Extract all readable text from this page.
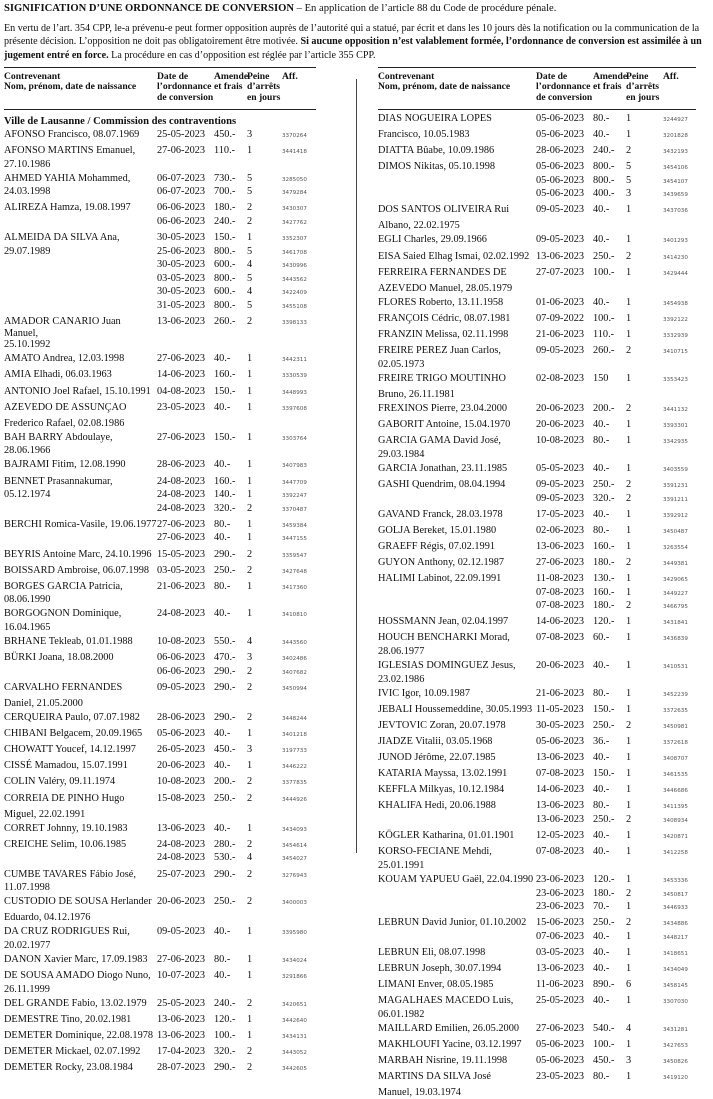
SIGNIFICATION D’UNE ORDONNANCE DE CONVERSION – En application de l’article 88 du Code de procédure pénale.
En vertu de l’art. 354 CPP, le-a prévenu-e peut former opposition auprès de l’autorité qui a statué, par écrit et dans les 10 jours dès la notification ou la communication de la présente décision. L’opposition ne doit pas obligatoirement être motivée. Si aucune opposition n’est valablement formée, l’ordonnance de conversion est assimilée à un jugement entré en force. La procédure en cas d’opposition est réglée par l’article 355 CPP.
Contrevenant
Nom, prénom, date de naissance	Date de
l’ordonnance
de conversion	Amende
et frais	Peine
d’arrêts
en jours	Aff.
Ville de Lausanne / Commission des contraventions				
AFONSO Francisco, 08.07.1969	25-05-2023	450.-	3	3370264
AFONSO MARTINS Emanuel,	27-06-2023	110.-	1	3441418
27.10.1986				
AHMED YAHIA Mohammed,	06-07-2023	730.-	5	3285050
24.03.1998	06-07-2023	700.-	5	3479284
ALIREZA Hamza, 19.08.1997	06-06-2023	180.-	2	3430307
	06-06-2023	240.-	2	3427762
ALMEIDA DA SILVA Ana,	30-05-2023	150.-	1	3352307
29.07.1989	25-06-2023	800.-	5	3461708
	30-05-2023	600.-	4	3430996
	03-05-2023	800.-	5	3443562
	30-05-2023	600.-	4	3422409
	31-05-2023	800.-	5	3455108
AMADOR CANARIO Juan Manuel,	13-06-2023	260.-	2	3398133
25.10.1992				
AMATO Andrea, 12.03.1998	27-06-2023	40.-	1	3442311
AMIA Elhadi, 06.03.1963	14-06-2023	160.-	1	3330539
ANTONIO Joel Rafael, 15.10.1991	04-08-2023	150.-	1	3448993
AZEVEDO DE ASSUNÇAO	23-05-2023	40.-	1	3397608
Frederico Rafael, 02.08.1986				
BAH BARRY Abdoulaye,	27-06-2023	150.-	1	3303764
28.06.1966				
BAJRAMI Fitim, 12.08.1990	28-06-2023	40.-	1	3407983
BENNET Prasannakumar,	24-08-2023	160.-	1	3447709
05.12.1974	24-08-2023	140.-	1	3392247
	24-08-2023	320.-	2	3370487
BERCHI Romica-Vasile, 19.06.1977	27-06-2023	80.-	1	3459384
	27-06-2023	40.-	1	3447155
BEYRIS Antoine Marc, 24.10.1996	15-05-2023	290.-	2	3359547
BOISSARD Ambroise, 06.07.1998	03-05-2023	250.-	2	3427648
BORGES GARCIA Patricia,	21-06-2023	80.-	1	3417360
08.06.1990				
BORGOGNON Dominique,	24-08-2023	40.-	1	3410810
16.04.1965				
BRHANE Tekleab, 01.01.1988	10-08-2023	550.-	4	3443560
BÜRKI Joana, 18.08.2000	06-06-2023	470.-	3	3402486
	06-06-2023	290.-	2	3407682
CARVALHO FERNANDES	09-05-2023	290.-	2	3450994
Daniel, 21.05.2000				
CERQUEIRA Paulo, 07.07.1982	28-06-2023	290.-	2	3448244
CHIBANI Belgacem, 20.09.1965	05-06-2023	40.-	1	3401218
CHOWATT Youcef, 14.12.1997	26-05-2023	450.-	3	3197733
CISSÉ Mamadou, 15.07.1991	20-06-2023	40.-	1	3446222
COLIN Valéry, 09.11.1974	10-08-2023	200.-	2	3377835
CORREIA DE PINHO Hugo	15-08-2023	250.-	2	3444926
Miguel, 22.02.1991				
CORRET Johnny, 19.10.1983	13-06-2023	40.-	1	3434093
CREICHE Selim, 10.06.1985	24-08-2023	280.-	2	3454614
	24-08-2023	530.-	4	3454027
CUMBE TAVARES Fábio José,	25-07-2023	290.-	2	3276943
11.07.1998				
CUSTODIO DE SOUSA Herlander	20-06-2023	250.-	2	3400003
Eduardo, 04.12.1976				
DA CRUZ RODRIGUES Rui,	09-05-2023	40.-	1	3395980
20.02.1977				
DANON Xavier Marc, 17.09.1983	27-06-2023	80.-	1	3434024
DE SOUSA AMADO Diogo Nuno,	10-07-2023	40.-	1	3291866
26.11.1999				
DEL GRANDE Fabio, 13.02.1979	25-05-2023	240.-	2	3420651
DEMESTRE Tino, 20.02.1981	13-06-2023	120.-	1	3442640
DEMETER Dominique, 22.08.1978	13-06-2023	100.-	1	3434131
DEMETER Mickael, 02.07.1992	17-04-2023	320.-	2	3443052
DEMETER Rocky, 23.08.1984	28-07-2023	290.-	2	3442605
Contrevenant
Nom, prénom, date de naissance	Date de
l’ordonnance
de conversion	Amende
et frais	Peine
d’arrêts
en jours	Aff.
DIAS NOGUEIRA LOPES	05-06-2023	80.-	1	3244927
Francisco, 10.05.1983	05-06-2023	40.-	1	3201828
DIATTA Bûabe, 10.09.1986	28-06-2023	240.-	2	3432193
DIMOS Nikitas, 05.10.1998	05-06-2023	800.-	5	3454106
	05-06-2023	800.-	5	3454107
	05-06-2023	400.-	3	3439659
DOS SANTOS OLIVEIRA Rui	09-05-2023	40.-	1	3437036
Albano, 22.02.1975				
EGLI Charles, 29.09.1966	09-05-2023	40.-	1	3401293
EISA Saied Elhag Ismai, 02.02.1992	13-06-2023	250.-	2	3414230
FERREIRA FERNANDES DE	27-07-2023	100.-	1	3429444
AZEVEDO Manuel, 28.05.1979				
FLORES Roberto, 13.11.1958	01-06-2023	40.-	1	3454938
FRANÇOIS Cédric, 08.07.1981	07-09-2022	100.-	1	3392122
FRANZIN Melissa, 02.11.1998	21-06-2023	110.-	1	3332939
FREIRE PEREZ Juan Carlos,	09-05-2023	260.-	2	3410715
02.05.1973				
FREIRE TRIGO MOUTINHO	02-08-2023	150	1	3353423
Bruno, 26.11.1981				
FREXINOS Pierre, 23.04.2000	20-06-2023	200.-	2	3441132
GABORIT Antoine, 15.04.1970	20-06-2023	40.-	1	3393301
GARCIA GAMA David José,	10-08-2023	80.-	1	3342935
29.03.1984				
GARCIA Jonathan, 23.11.1985	05-05-2023	40.-	1	3403559
GASHI Quendrim, 08.04.1994	09-05-2023	250.-	2	3391231
	09-05-2023	320.-	2	3391211
GAVAND Franck, 28.03.1978	17-05-2023	40.-	1	3392912
GOLJA Bereket, 15.01.1980	02-06-2023	80.-	1	3450487
GRAEFF Régis, 07.02.1991	13-06-2023	160.-	1	3263554
GUYON Anthony, 02.12.1987	27-06-2023	180.-	2	3449381
HALIMI Labinot, 22.09.1991	11-08-2023	130.-	1	3429065
	07-08-2023	160.-	1	3449227
	07-08-2023	180.-	2	3466795
HOSSMANN Jean, 02.04.1997	14-06-2023	120.-	1	3431841
HOUCH BENCHARKI Morad,	07-08-2023	60.-	1	3436839
28.06.1977				
IGLESIAS DOMINGUEZ Jesus,	20-06-2023	40.-	1	3410531
23.02.1986				
IVIC Igor, 10.09.1987	21-06-2023	80.-	1	3452239
JEBALI Houssemeddine, 30.05.1993	11-05-2023	150.-	1	3372635
JEVTOVIC Zoran, 20.07.1978	30-05-2023	250.-	2	3450981
JIADZE Vitalii, 03.05.1968	05-06-2023	36.-	1	3372618
JUNOD Jérôme, 22.07.1985	13-06-2023	40.-	1	3408707
KATARIA Mayssa, 13.02.1991	07-08-2023	150.-	1	3461535
KEFFLA Milkyas, 10.12.1984	14-06-2023	40.-	1	3446686
KHALIFA Hedi, 20.06.1988	13-06-2023	80.-	1	3411395
	13-06-2023	250.-	2	3408934
KÖGLER Katharina, 01.01.1901	12-05-2023	40.-	1	3420871
KORSO-FECIANE Mehdi,	07-08-2023	40.-	1	3412258
25.01.1991				
KOUAM YAPUEU Gaël, 22.04.1990	23-06-2023	120.-	1	3453336
	23-06-2023	180.-	2	3450817
	23-06-2023	70.-	1	3446933
LEBRUN David Junior, 01.10.2002	15-06-2023	250.-	2	3434886
	07-06-2023	40.-	1	3448217
LEBRUN Eli, 08.07.1998	03-05-2023	40.-	1	3418651
LEBRUN Joseph, 30.07.1994	13-06-2023	40.-	1	3434049
LIMANI Enver, 08.05.1985	11-06-2023	890.-	6	3458145
MAGALHAES MACEDO Luis,	25-05-2023	40.-	1	3307030
06.01.1982				
MAILLARD Emilien, 26.05.2000	27-06-2023	540.-	4	3431281
MAKHLOUFI Yacine, 03.12.1997	05-06-2023	100.-	1	3427653
MARBAH Nisrine, 19.11.1998	05-06-2023	450.-	3	3450826
MARTINS DA SILVA José	23-05-2023	80.-	1	3419120
Manuel, 19.03.1974				
